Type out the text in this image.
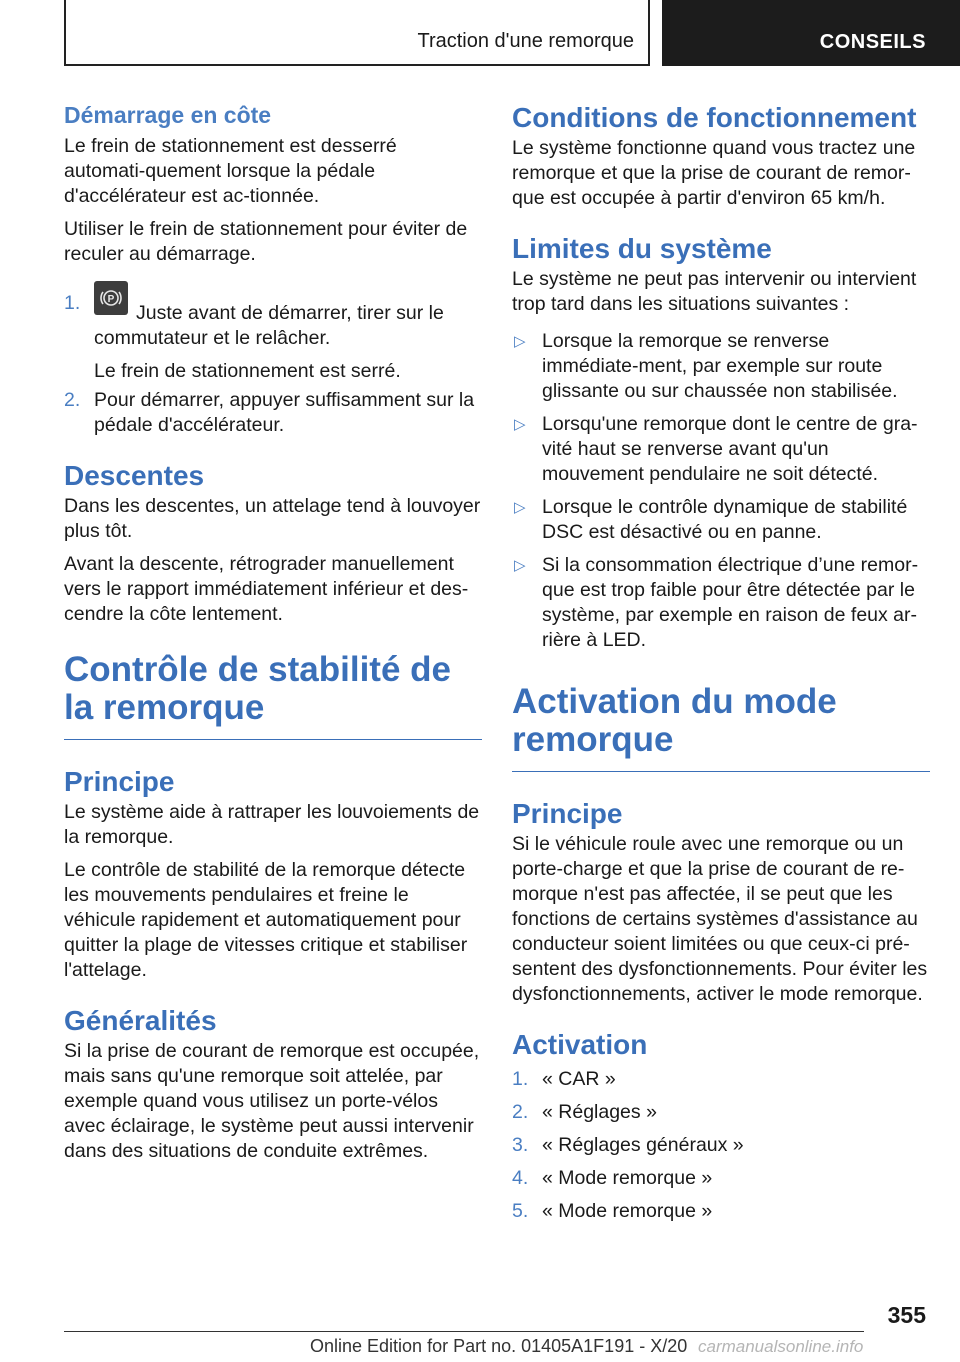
Traction d'une remorque	CONSEILS
Démarrage en côte
Le frein de stationnement est desserré automati-quement lorsque la pédale d'accélérateur est ac-tionnée.
Utiliser le frein de stationnement pour éviter de reculer au démarrage.
1.	P
Juste avant de démarrer, tirer sur le commutateur et le relâcher.
Le frein de stationnement est serré.
2. Pour démarrer, appuyer suffisamment sur la pédale d'accélérateur.
Descentes
Dans les descentes, un attelage tend à louvoyer plus tôt.
Avant la descente, rétrograder manuellement vers le rapport immédiatement inférieur et des-cendre la côte lentement.
Contrôle de stabilité de la remorque
Principe
Le système aide à rattraper les louvoiements de la remorque.
Le contrôle de stabilité de la remorque détecte les mouvements pendulaires et freine le véhicule rapidement et automatiquement pour quitter la plage de vitesses critique et stabiliser l'attelage.
Généralités
Si la prise de courant de remorque est occupée, mais sans qu'une remorque soit attelée, par exemple quand vous utilisez un porte-vélos avec éclairage, le système peut aussi intervenir dans des situations de conduite extrêmes.
Conditions de fonctionnement
Le système fonctionne quand vous tractez une remorque et que la prise de courant de remor-que est occupée à partir d'environ 65 km/h.
Limites du système
Le système ne peut pas intervenir ou intervient trop tard dans les situations suivantes :
▷ Lorsque la remorque se renverse immédiate-ment, par exemple sur route glissante ou sur chaussée non stabilisée.
▷ Lorsqu'une remorque dont le centre de gra-vité haut se renverse avant qu'un mouvement pendulaire ne soit détecté.
▷ Lorsque le contrôle dynamique de stabilité DSC est désactivé ou en panne.
▷ Si la consommation électrique d’une remor-que est trop faible pour être détectée par le système, par exemple en raison de feux ar-rière à LED.
Activation du mode remorque
Principe
Si le véhicule roule avec une remorque ou un porte-charge et que la prise de courant de re-morque n'est pas affectée, il se peut que les fonctions de certains systèmes d'assistance au conducteur soient limitées ou que ceux-ci pré-sentent des dysfonctionnements. Pour éviter les dysfonctionnements, activer le mode remorque.
Activation
1. « CAR »
2. « Réglages »
3. « Réglages généraux »
4. « Mode remorque »
5. « Mode remorque »
355
Online Edition for Part no. 01405A1F191 - X/20 carmanualsonline.info
